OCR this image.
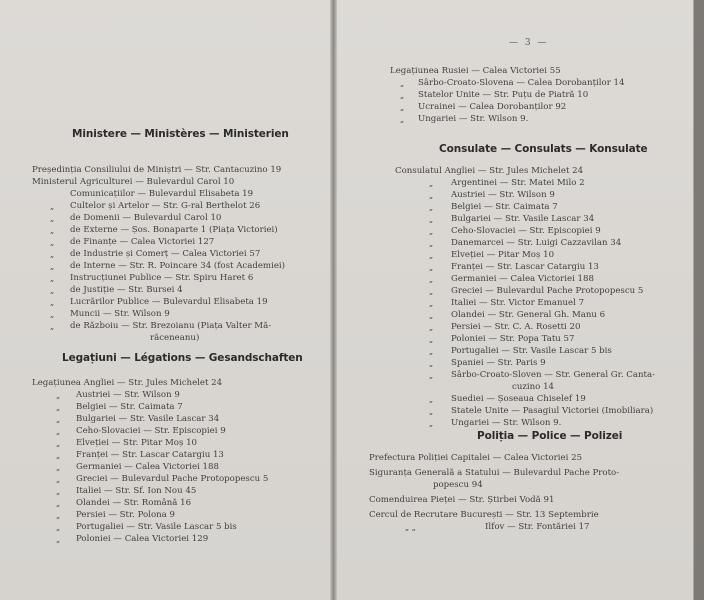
Ministere — Ministères — Ministerien
Președinția Consiliului de Miniștri — Str. Cantacuzino 19
Ministerul Agriculturei — Bulevardul Carol 10
Comunicațiilor — Bulevardul Elisabeta 19
Cultelor și Artelor — Str. G-ral Berthelot 26
de Domenii — Bulevardul Carol 10
de Externe — Șos. Bonaparte 1 (Piața Victoriei)
de Finanțe — Calea Victoriei 127
de Industrie și Comerț — Calea Victoriei 57
de Interne — Str. R. Poincare 34 (fost Academiei)
Instrucțiunei Publice — Str. Spiru Haret 6
de Justiție — Str. Bursei 4
Lucrărilor Publice — Bulevardul Elisabeta 19
Muncii — Str. Wilson 9
de Războiu — Str. Brezoianu (Piața Valter Mă-
răceneanu)
„
„
„
„
„
„
„
„
„
„
„
Legațiuni — Légations — Gesandschaften
Legațiunea Angliei — Str. Jules Michelet 24
Austriei — Str. Wilson 9
Belgiei — Str. Caimata 7
Bulgariei — Str. Vasile Lascar 34
Ceho-Slovaciei — Str. Episcopiei 9
Elveției — Str. Pitar Moș 10
Franței — Str. Lascar Catargiu 13
Germaniei — Calea Victoriei 188
Greciei — Bulevardul Pache Protopopescu 5
Italiei — Str. Sf. Ion Nou 45
Olandei — Str. Română 16
Persiei — Str. Polona 9
Portugaliei — Str. Vasile Lascar 5 bis
Poloniei — Calea Victoriei 129
„
„
„
„
„
„
„
„
„
„
„
„
„
— 3 —
Legațiunea Rusiei — Calea Victoriei 55
Sârbo-Croato-Slovena — Calea Dorobanților 14
Statelor Unite — Str. Puțu de Piatră 10
Ucrainei — Calea Dorobanților 92
Ungariei — Str. Wilson 9.
„
„
„
„
Consulate — Consulats — Konsulate
Consulatul Angliei — Str. Jules Michelet 24
Argentinei — Str. Matei Milo 2
Austriei — Str. Wilson 9
Belgiei — Str. Caimata 7
Bulgariei — Str. Vasile Lascar 34
Ceho-Slovaciei — Str. Episcopiei 9
Danemarcei — Str. Luigi Cazzavilan 34
Elveției — Pitar Moș 10
Franței — Str. Lascar Catargiu 13
Germaniei — Calea Victoriei 188
Greciei — Bulevardul Pache Protopopescu 5
Italiei — Str. Victor Emanuel 7
Olandei — Str. General Gh. Manu 6
Persiei — Str. C. A. Rosetti 20
Poloniei — Str. Popa Tatu 57
Portugaliei — Str. Vasile Lascar 5 bis
Spaniei — Str. Paris 9
Sârbo-Croato-Sloven — Str. General Gr. Canta-
cuzino 14
Suediei — Șoseaua Chiselef 19
Statele Unite — Pasagiul Victoriei (Imobiliara)
Ungariei — Str. Wilson 9.
„
„
„
„
„
„
„
„
„
„
„
„
„
„
„
„
„
„
„
„
Poliția — Police — Polizei
Prefectura Poliției Capitalei — Calea Victoriei 25
Siguranța Generală a Statului — Bulevardul Pache Proto-
popescu 94
Comenduirea Pieței — Str. Știrbei Vodă 91
Cercul de Recrutare București — Str. 13 Septembrie
„ „	Ilfov — Str. Fontăriei 17
